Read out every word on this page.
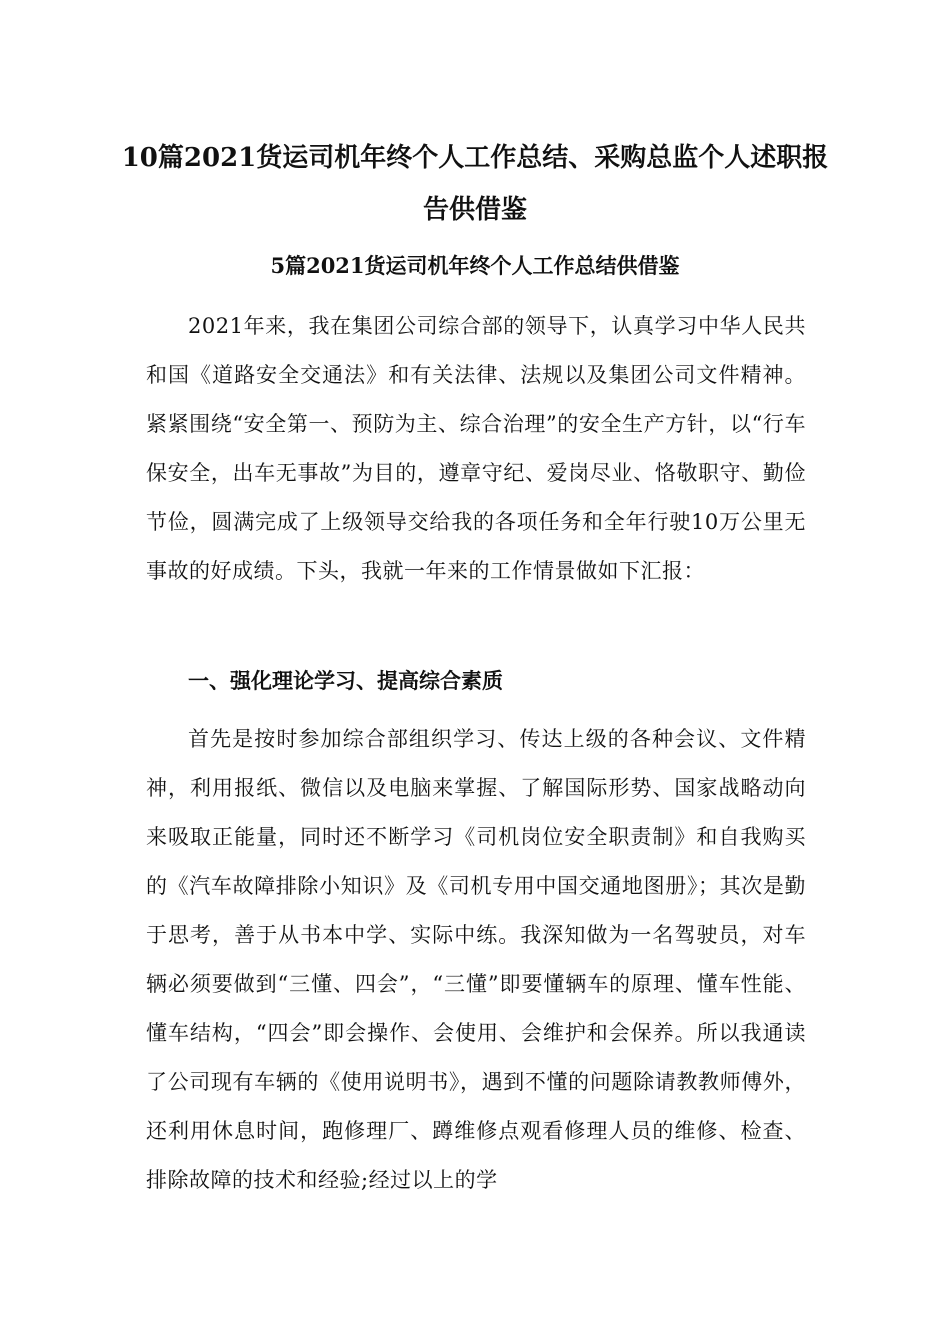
10篇2021货运司机年终个人工作总结、采购总监个人述职报告供借鉴
5篇2021货运司机年终个人工作总结供借鉴

2021年来，我在集团公司综合部的领导下，认真学习中华人民共和国《道路安全交通法》和有关法律、法规以及集团公司文件精神。紧紧围绕“安全第一、预防为主、综合治理”的安全生产方针，以“行车保安全，出车无事故”为目的，遵章守纪、爱岗尽业、恪敬职守、勤俭节俭，圆满完成了上级领导交给我的各项任务和全年行驶10万公里无事故的好成绩。下头，我就一年来的工作情景做如下汇报：

一、强化理论学习、提高综合素质

首先是按时参加综合部组织学习、传达上级的各种会议、文件精神，利用报纸、微信以及电脑来掌握、了解国际形势、国家战略动向来吸取正能量，同时还不断学习《司机岗位安全职责制》和自我购买的《汽车故障排除小知识》及《司机专用中国交通地图册》；其次是勤于思考，善于从书本中学、实际中练。我深知做为一名驾驶员，对车辆必须要做到“三懂、四会”，“三懂”即要懂辆车的原理、懂车性能、懂车结构，“四会”即会操作、会使用、会维护和会保养。所以我通读了公司现有车辆的《使用说明书》，遇到不懂的问题除请教教师傅外，还利用休息时间，跑修理厂、蹲维修点观看修理人员的维修、检查、排除故障的技术和经验;经过以上的学
